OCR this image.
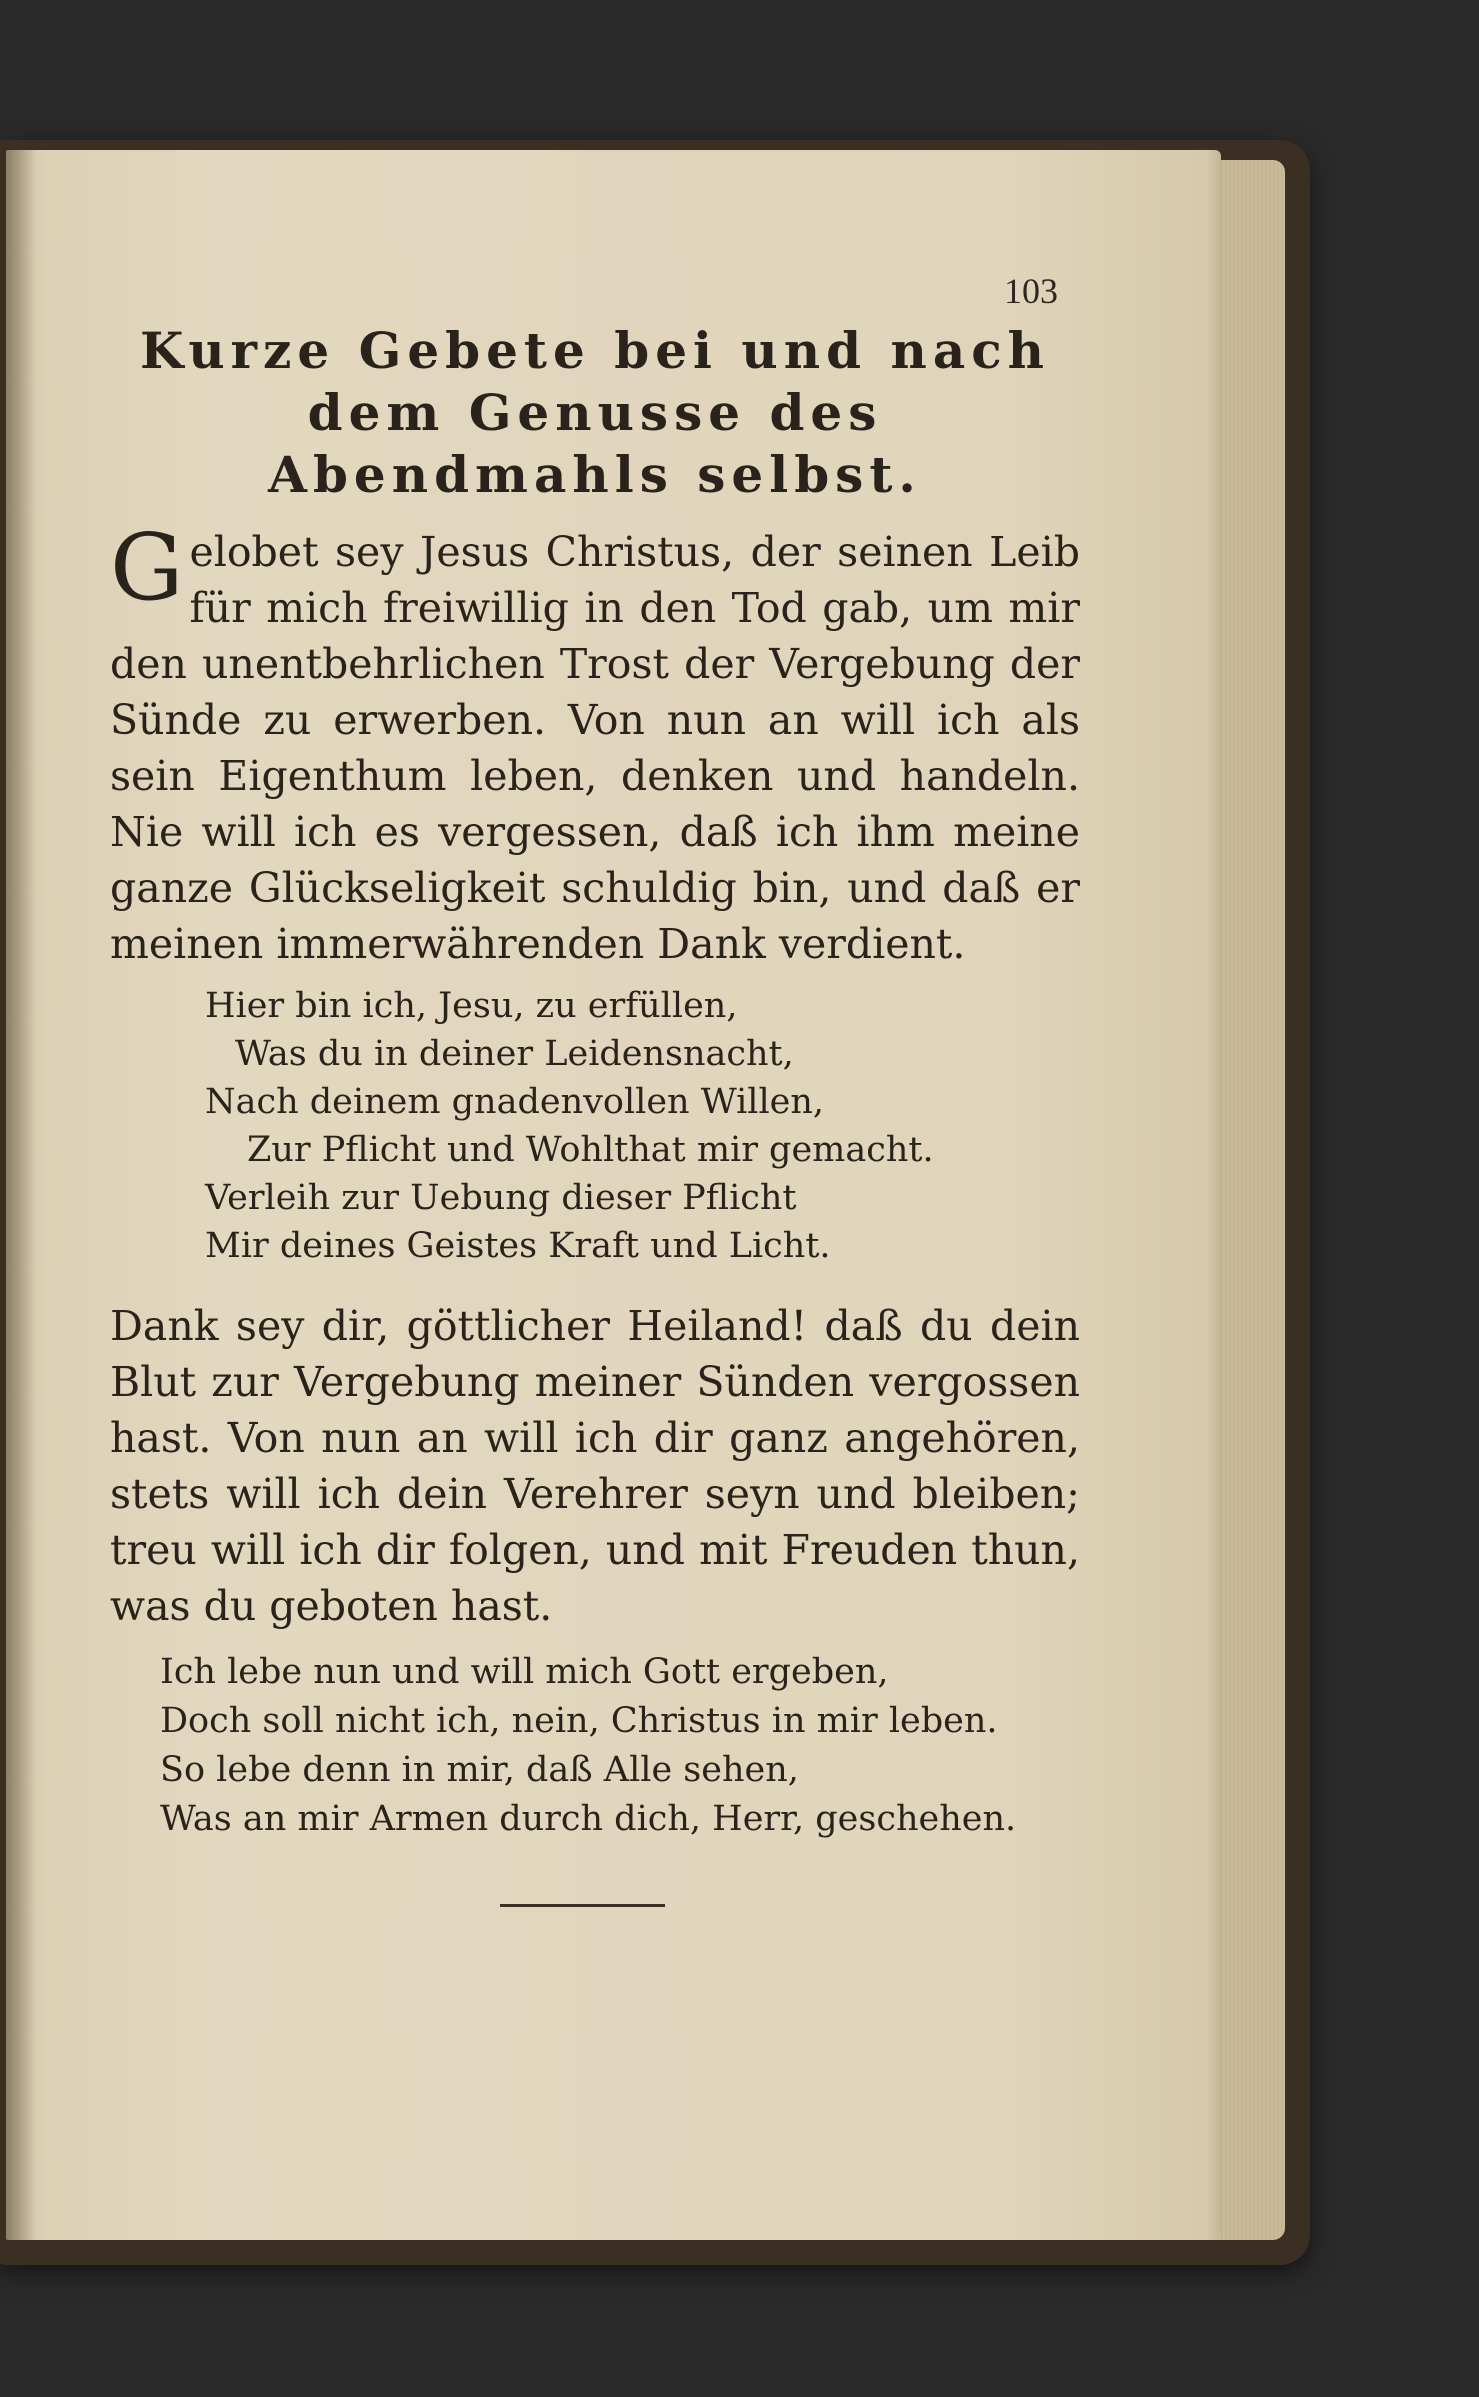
103
Kurze Gebete bei und nach dem Genusse des Abendmahls selbst.
Gelobet sey Jesus Christus, der seinen Leib für mich freiwillig in den Tod gab, um mir den unentbehrlichen Trost der Vergebung der Sünde zu erwerben. Von nun an will ich als sein Eigenthum leben, denken und handeln. Nie will ich es vergessen, daß ich ihm meine ganze Glückseligkeit schuldig bin, und daß er meinen immerwährenden Dank verdient.
Hier bin ich, Jesu, zu erfüllen,
Was du in deiner Leidensnacht,
Nach deinem gnadenvollen Willen,
Zur Pflicht und Wohlthat mir gemacht.
Verleih zur Uebung dieser Pflicht
Mir deines Geistes Kraft und Licht.
Dank sey dir, göttlicher Heiland! daß du dein Blut zur Vergebung meiner Sünden vergossen hast. Von nun an will ich dir ganz angehören, stets will ich dein Verehrer seyn und bleiben; treu will ich dir folgen, und mit Freuden thun, was du geboten hast.
Ich lebe nun und will mich Gott ergeben,
Doch soll nicht ich, nein, Christus in mir leben.
So lebe denn in mir, daß Alle sehen,
Was an mir Armen durch dich, Herr, geschehen.
